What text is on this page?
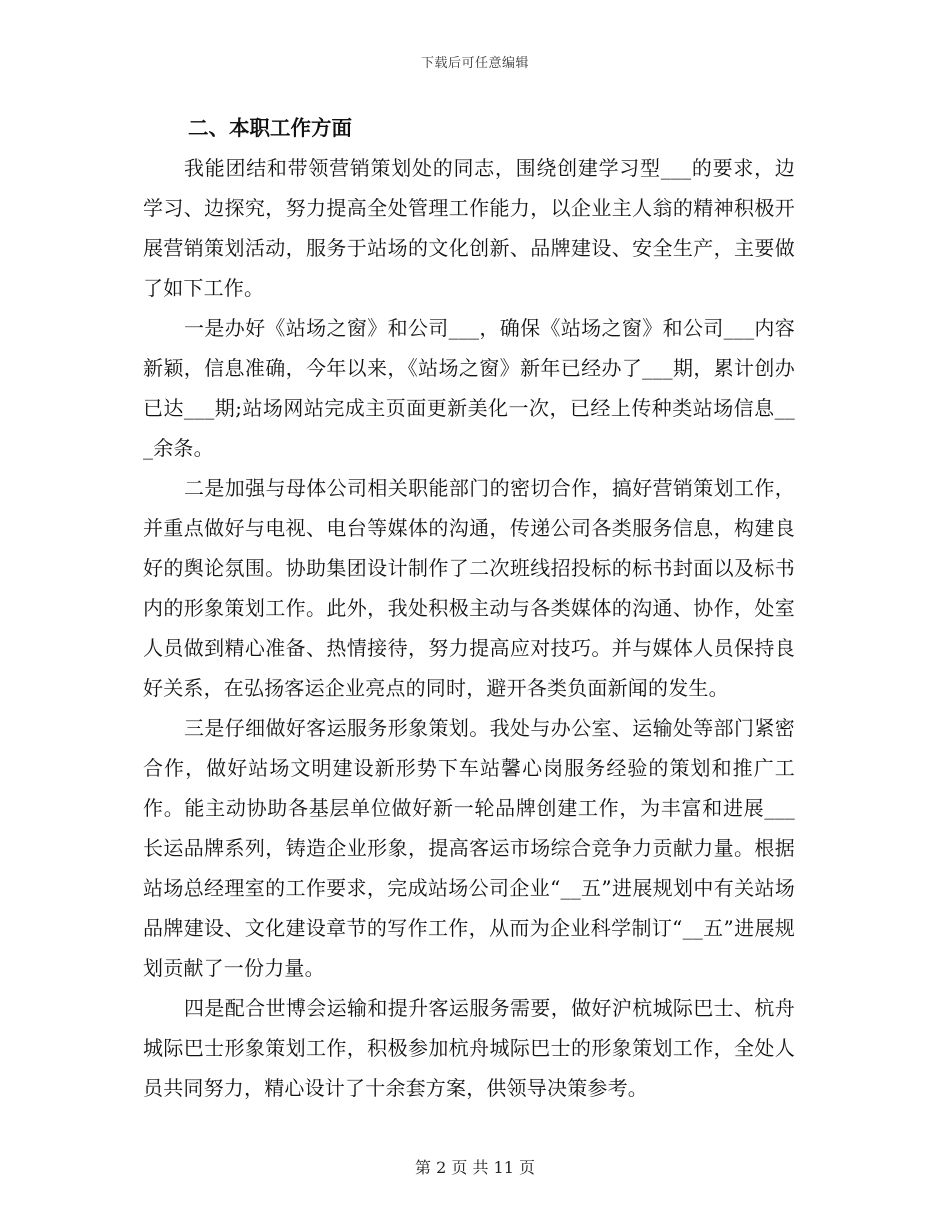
下载后可任意编辑
二、本职工作方面

我能团结和带领营销策划处的同志，围绕创建学习型___的要求，边学习、边探究，努力提高全处管理工作能力，以企业主人翁的精神积极开展营销策划活动，服务于站场的文化创新、品牌建设、安全生产，主要做了如下工作。

一是办好《站场之窗》和公司___，确保《站场之窗》和公司___内容新颖，信息准确，今年以来，《站场之窗》新年已经办了___期，累计创办已达___期;站场网站完成主页面更新美化一次，已经上传种类站场信息___余条。

二是加强与母体公司相关职能部门的密切合作，搞好营销策划工作，并重点做好与电视、电台等媒体的沟通，传递公司各类服务信息，构建良好的舆论氛围。协助集团设计制作了二次班线招投标的标书封面以及标书内的形象策划工作。此外，我处积极主动与各类媒体的沟通、协作，处室人员做到精心准备、热情接待，努力提高应对技巧。并与媒体人员保持良好关系，在弘扬客运企业亮点的同时，避开各类负面新闻的发生。

三是仔细做好客运服务形象策划。我处与办公室、运输处等部门紧密合作，做好站场文明建设新形势下车站馨心岗服务经验的策划和推广工作。能主动协助各基层单位做好新一轮品牌创建工作，为丰富和进展___长运品牌系列，铸造企业形象，提高客运市场综合竞争力贡献力量。根据站场总经理室的工作要求，完成站场公司企业“__五”进展规划中有关站场品牌建设、文化建设章节的写作工作，从而为企业科学制订“__五”进展规划贡献了一份力量。

四是配合世博会运输和提升客运服务需要，做好沪杭城际巴士、杭舟城际巴士形象策划工作，积极参加杭舟城际巴士的形象策划工作，全处人员共同努力，精心设计了十余套方案，供领导决策参考。

第 2 页 共 11 页
